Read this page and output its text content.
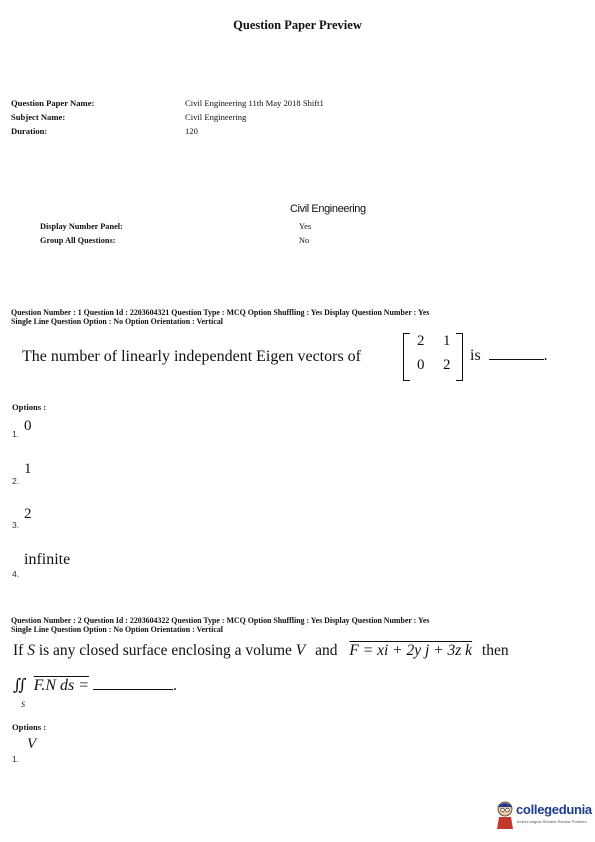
Question Paper Preview
Question Paper Name:	Civil Engineering 11th May 2018 Shift1
Subject Name:	Civil Engineering
Duration:	120
Civil Engineering
Display Number Panel:	Yes
Group All Questions:	No
Question Number : 1 Question Id : 2203604321 Question Type : MCQ Option Shuffling : Yes Display Question Number : Yes
Single Line Question Option : No Option Orientation : Vertical
The number of linearly independent Eigen vectors of
2 1
0 2
is	.
Options :
0
1.
1
2.
2
3.
infinite
4.
Question Number : 2 Question Id : 2203604322 Question Type : MCQ Option Shuffling : Yes Display Question Number : Yes
Single Line Question Option : No Option Orientation : Vertical
If S is any closed surface enclosing a volume V and F = xi + 2y j + 3z k then
∬ F.N ds =	.
S
Options :
V
1.
collegedunia
India's largest Student Review Platform
